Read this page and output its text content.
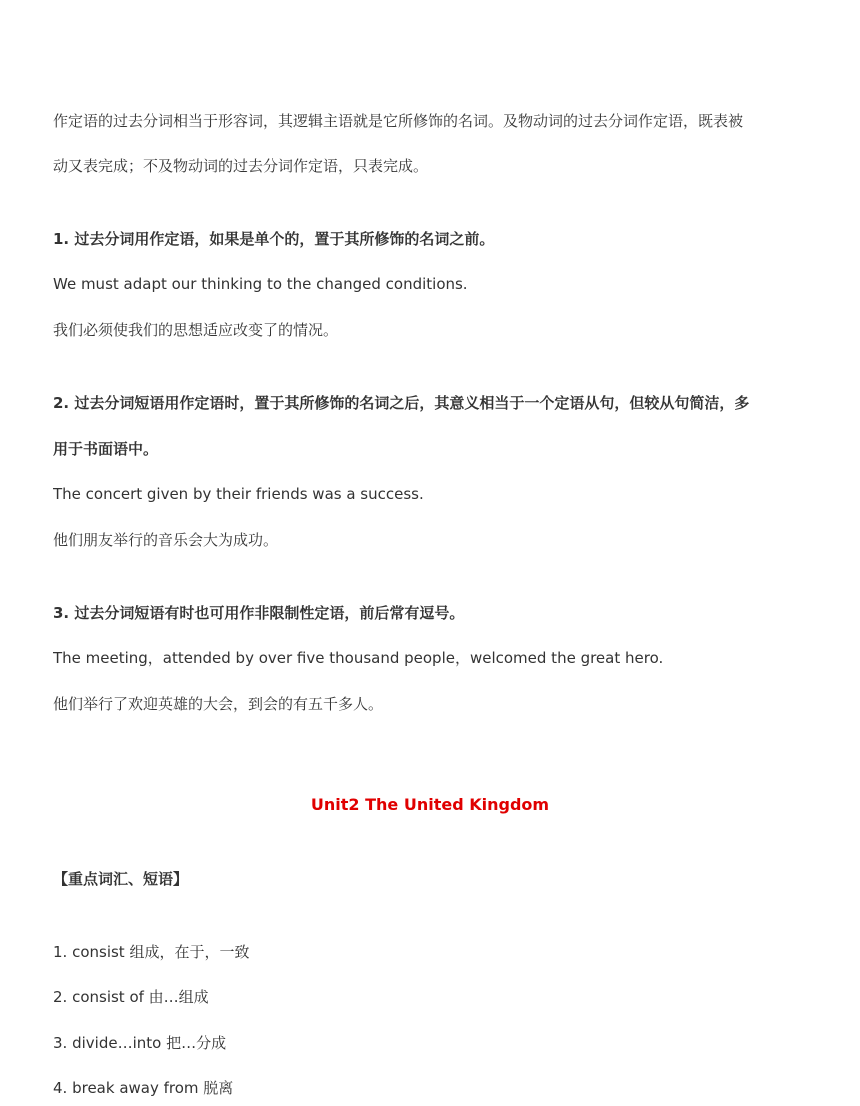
作定语的过去分词相当于形容词，其逻辑主语就是它所修饰的名词。及物动词的过去分词作定语，既表被
动又表完成；不及物动词的过去分词作定语，只表完成。
1. 过去分词用作定语，如果是单个的，置于其所修饰的名词之前。
We must adapt our thinking to the changed conditions.
我们必须使我们的思想适应改变了的情况。
2. 过去分词短语用作定语时，置于其所修饰的名词之后，其意义相当于一个定语从句，但较从句简洁，多
用于书面语中。
The concert given by their friends was a success.
他们朋友举行的音乐会大为成功。
3. 过去分词短语有时也可用作非限制性定语，前后常有逗号。
The meeting，attended by over five thousand people，welcomed the great hero.
他们举行了欢迎英雄的大会，到会的有五千多人。
Unit2 The United Kingdom
【重点词汇、短语】
1. consist 组成，在于，一致
2. consist of 由…组成
3. divide…into 把…分成
4. break away from 脱离
